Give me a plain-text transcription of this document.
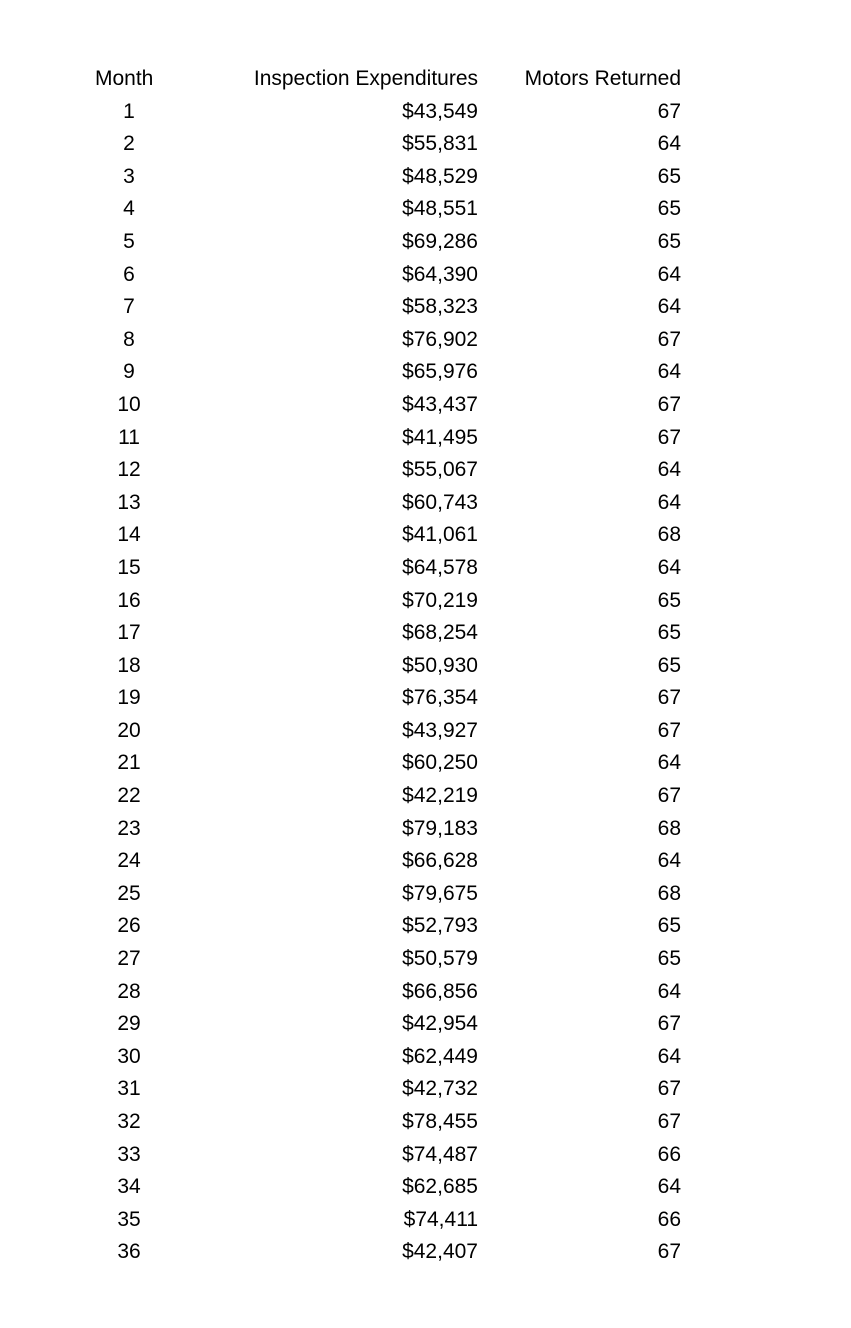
Month	Inspection Expenditures	Motors Returned
1	$43,549	67
2	$55,831	64
3	$48,529	65
4	$48,551	65
5	$69,286	65
6	$64,390	64
7	$58,323	64
8	$76,902	67
9	$65,976	64
10	$43,437	67
11	$41,495	67
12	$55,067	64
13	$60,743	64
14	$41,061	68
15	$64,578	64
16	$70,219	65
17	$68,254	65
18	$50,930	65
19	$76,354	67
20	$43,927	67
21	$60,250	64
22	$42,219	67
23	$79,183	68
24	$66,628	64
25	$79,675	68
26	$52,793	65
27	$50,579	65
28	$66,856	64
29	$42,954	67
30	$62,449	64
31	$42,732	67
32	$78,455	67
33	$74,487	66
34	$62,685	64
35	$74,411	66
36	$42,407	67
